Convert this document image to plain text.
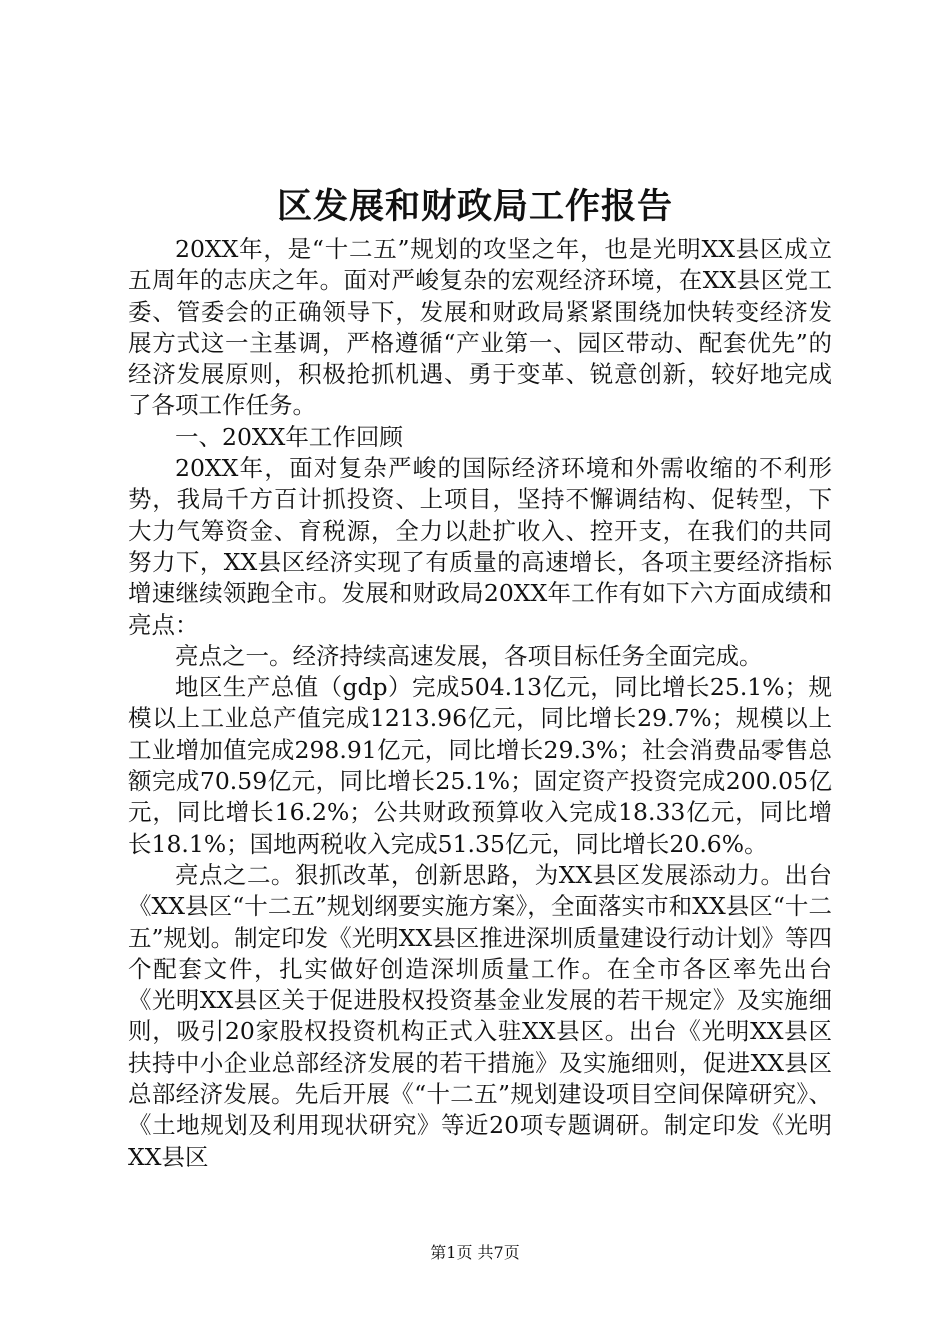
区发展和财政局工作报告

20XX年，是“十二五”规划的攻坚之年，也是光明XX县区成立五周年的志庆之年。面对严峻复杂的宏观经济环境，在XX县区党工委、管委会的正确领导下，发展和财政局紧紧围绕加快转变经济发展方式这一主基调，严格遵循“产业第一、园区带动、配套优先”的经济发展原则，积极抢抓机遇、勇于变革、锐意创新，较好地完成了各项工作任务。

一、20XX年工作回顾

20XX年，面对复杂严峻的国际经济环境和外需收缩的不利形势，我局千方百计抓投资、上项目，坚持不懈调结构、促转型，下大力气筹资金、育税源，全力以赴扩收入、控开支，在我们的共同努力下，XX县区经济实现了有质量的高速增长，各项主要经济指标增速继续领跑全市。发展和财政局20XX年工作有如下六方面成绩和亮点：

亮点之一。经济持续高速发展，各项目标任务全面完成。

地区生产总值（gdp）完成504.13亿元，同比增长25.1%；规模以上工业总产值完成1213.96亿元，同比增长29.7%；规模以上工业增加值完成298.91亿元，同比增长29.3%；社会消费品零售总额完成70.59亿元，同比增长25.1%；固定资产投资完成200.05亿元，同比增长16.2%；公共财政预算收入完成18.33亿元，同比增长18.1%；国地两税收入完成51.35亿元，同比增长20.6%。

亮点之二。狠抓改革，创新思路，为XX县区发展添动力。出台《XX县区“十二五”规划纲要实施方案》，全面落实市和XX县区“十二五”规划。制定印发《光明XX县区推进深圳质量建设行动计划》等四个配套文件，扎实做好创造深圳质量工作。在全市各区率先出台《光明XX县区关于促进股权投资基金业发展的若干规定》及实施细则，吸引20家股权投资机构正式入驻XX县区。出台《光明XX县区扶持中小企业总部经济发展的若干措施》及实施细则，促进XX县区总部经济发展。先后开展《“十二五”规划建设项目空间保障研究》、《土地规划及利用现状研究》等近20项专题调研。制定印发《光明XX县区

第1页 共7页
